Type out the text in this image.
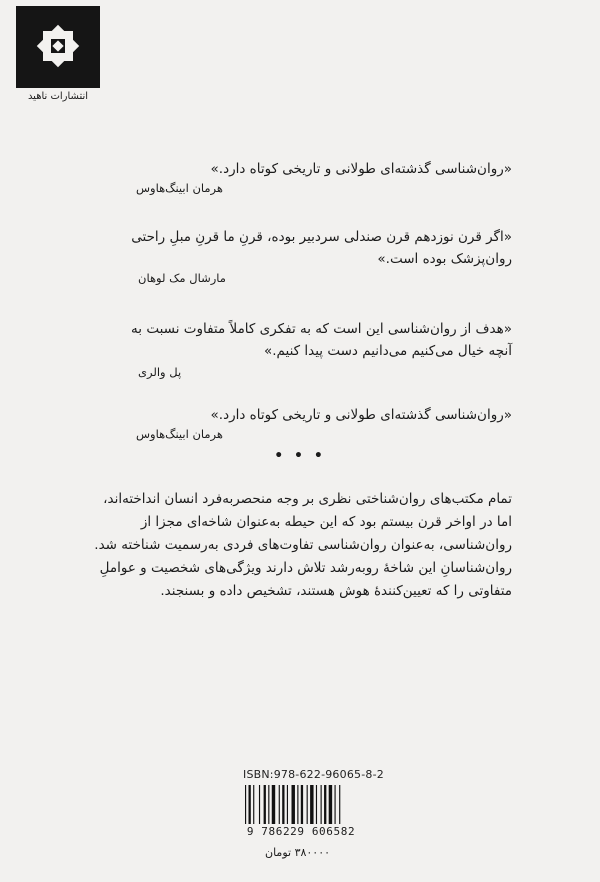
انتشارات ناهید
«روان‌شناسی گذشته‌ای طولانی و تاریخی کوتاه دارد.»
هرمان ابینگ‌هاوس
«اگر قرن نوزدهم قرن صندلی سردبیر بوده، قرنِ ما قرنِ مبلِ راحتی
روان‌پزشک بوده است.»
مارشال مک لوهان
«هدف از روان‌شناسی این است که به تفکری کاملاً متفاوت نسبت به
آنچه خیال می‌کنیم می‌دانیم دست پیدا کنیم.»
پل والری
«روان‌شناسی گذشته‌ای طولانی و تاریخی کوتاه دارد.»
هرمان ابینگ‌هاوس
• • •
تمام مکتب‌های روان‌شناختی نظری بر وجه منحصربه‌فرد انسان انداخته‌اند،
اما در اواخر قرن بیستم بود که این حیطه به‌عنوان شاخه‌ای مجزا از
روان‌شناسی، به‌عنوان روان‌شناسی تفاوت‌های فردی به‌رسمیت شناخته شد.
روان‌شناسانِ این شاخهٔ روبه‌رشد تلاش دارند ویژگی‌های شخصیت و عواملِ
متفاوتی را که تعیین‌کنندهٔ هوش هستند، تشخیص داده و بسنجند.
ISBN:978-622-96065-8-2
9 786229 606582
۳۸۰۰۰۰ تومان
